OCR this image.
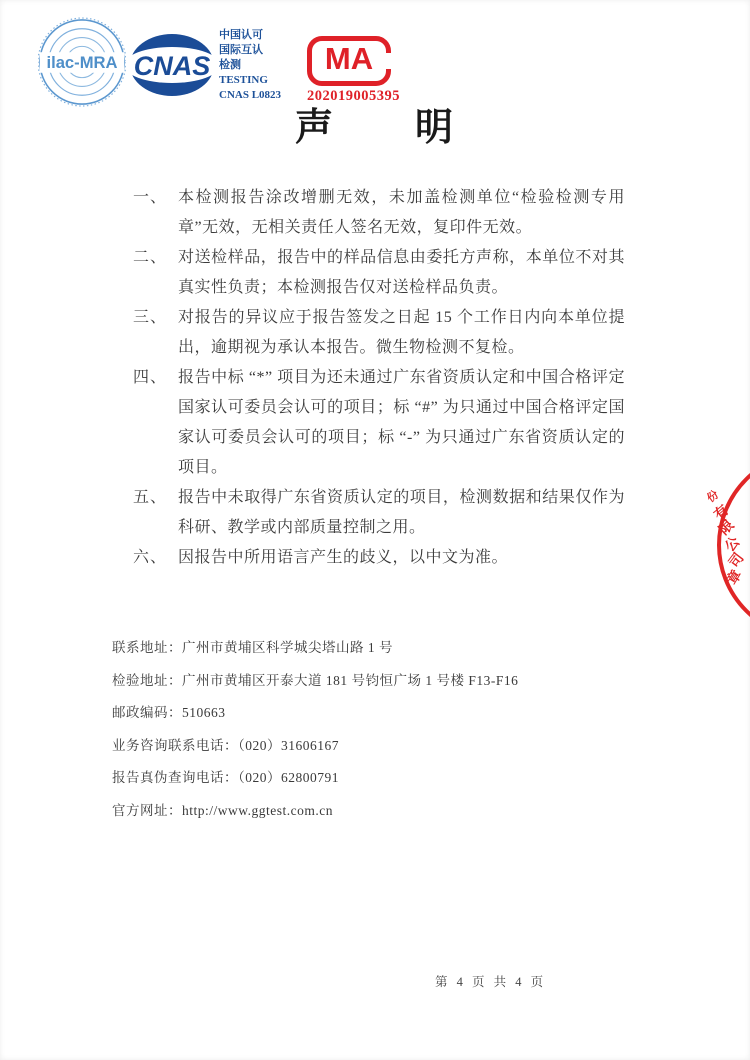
ilac-MRA CNAS
中国认可
国际互认
检测
TESTING
CNAS L0823
MA
202019005395
声　　明
一、 本检测报告涂改增删无效，未加盖检测单位“检验检测专用章”无效，无相关责任人签名无效，复印件无效。
二、 对送检样品，报告中的样品信息由委托方声称，本单位不对其真实性负责；本检测报告仅对送检样品负责。
三、 对报告的异议应于报告签发之日起 15 个工作日内向本单位提出，逾期视为承认本报告。微生物检测不复检。
四、 报告中标 “*” 项目为还未通过广东省资质认定和中国合格评定国家认可委员会认可的项目；标 “#” 为只通过中国合格评定国家认可委员会认可的项目；标 “-” 为只通过广东省资质认定的项目。
五、 报告中未取得广东省资质认定的项目，检测数据和结果仅作为科研、教学或内部质量控制之用。
六、 因报告中所用语言产生的歧义，以中文为准。
联系地址：广州市黄埔区科学城尖塔山路 1 号
检验地址：广州市黄埔区开泰大道 181 号钧恒广场 1 号楼 F13-F16
邮政编码：510663
业务咨询联系电话：（020）31606167
报告真伪查询电话：（020）62800791
官方网址：http://www.ggtest.com.cn
份
有
限
公
司
章
第 4 页 共 4 页
